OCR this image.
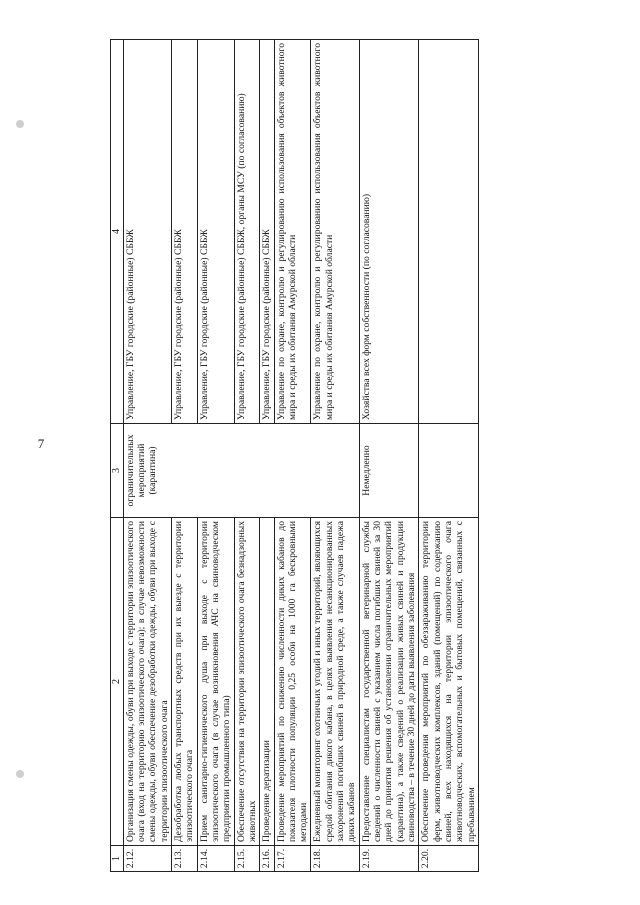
7
1	2	3	4
2.12.	Организация смены одежды, обуви при выходе с территории эпизоотического очага (вход на территорию эпизоотического очага); в случае невозможности смены одежды, обуви обеспечение дезобработки одежды, обуви при выходе с территории эпизоотического очага	ограничительных мероприятий (карантина)	Управление, ГБУ городские (районные) СББЖ
2.13.	Дезобработка любых транспортных средств при их выезде с территории эпизоотического очага		Управление, ГБУ городские (районные) СББЖ
2.14.	Прием санитарно-гигиенического душа при выходе с территории эпизоотического очага (в случае возникновения АЧС на свиноводческом предприятии промышленного типа)		Управление, ГБУ городские (районные) СББЖ
2.15.	Обеспечение отсутствия на территории эпизоотического очага безнадзорных животных		Управление, ГБУ городские (районные) СББЖ, органы МСУ (по согласованию)
2.16.	Проведение дератизации		Управление, ГБУ городские (районные) СББЖ
2.17.	Проведение мероприятий по снижению численности диких кабанов до показателя плотности популяции 0,25 особи на 1000 га бескровными методами		Управление по охране, контролю и регулированию использования объектов животного мира и среды их обитания Амурской области
2.18.	Ежедневный мониторинг охотничьих угодий и иных территорий, являющихся средой обитания дикого кабана, в целях выявления несанкционированных захоронений погибших свиней в природной среде, а также случаев падежа диких кабанов		Управление по охране, контролю и регулированию использования объектов животного мира и среды их обитания Амурской области
2.19.	Предоставление специалистам государственной ветеринарной службы сведений о численности свиней с указанием числа погибших свиней за 30 дней до принятия решения об установлении ограничительных мероприятий (карантина), а также сведений о реализации живых свиней и продукции свиноводства – в течение 30 дней до даты выявления заболевания	Немедленно	Хозяйства всех форм собственности (по согласованию)
2.20.	Обеспечение проведения мероприятий по обеззараживанию территории ферм, животноводческих комплексов, зданий (помещений) по содержанию свиней, всех находящихся на территории эпизоотического очага животноводческих, вспомогательных и бытовых помещений, связанных с пребыванием		
